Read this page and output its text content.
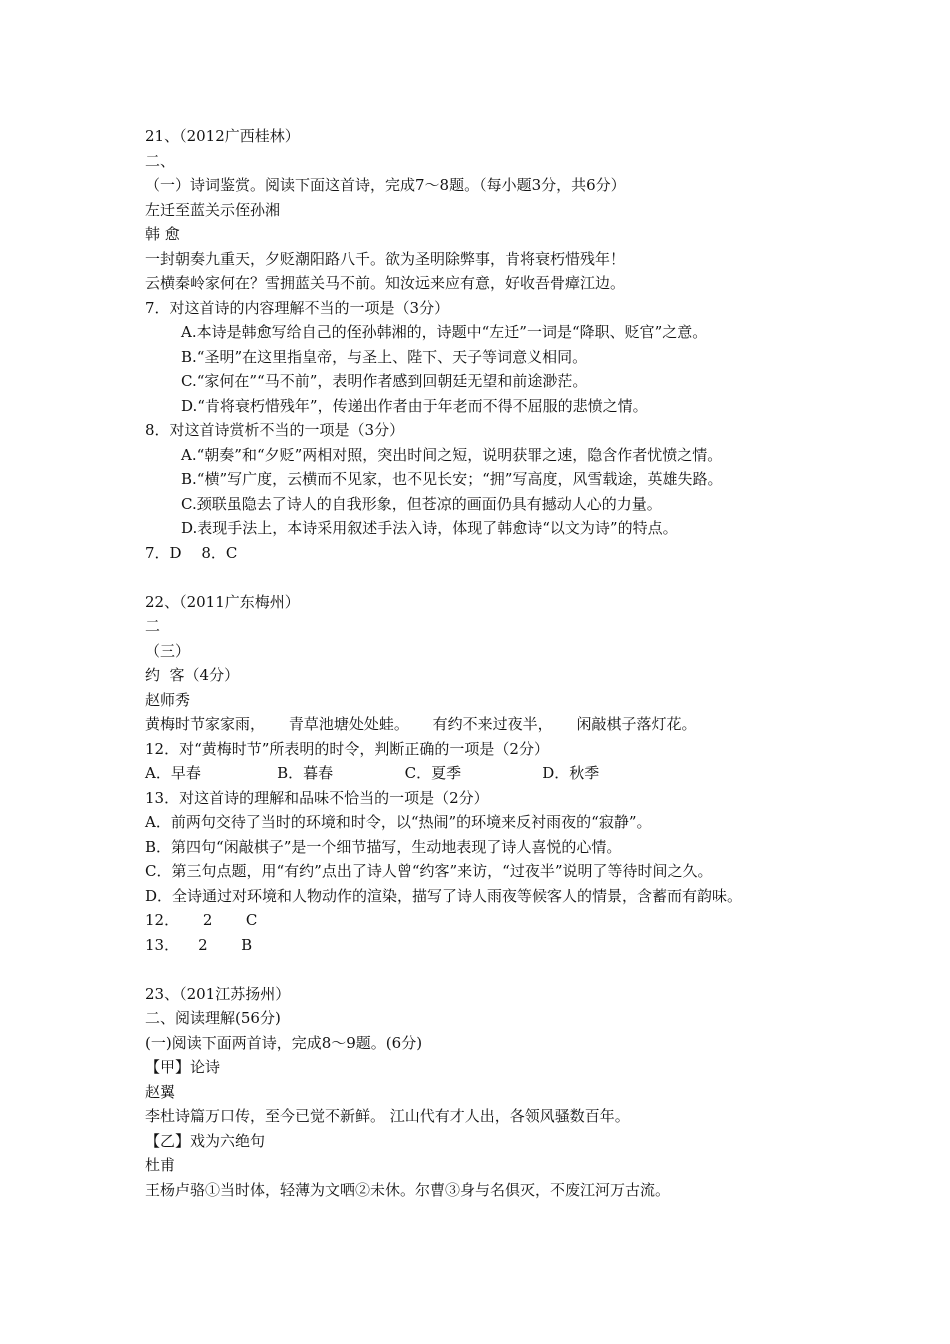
21、（2012广西桂林）
二、
（一）诗词鉴赏。阅读下面这首诗，完成7～8题。（每小题3分，共6分）
左迁至蓝关示侄孙湘
韩 愈
一封朝奏九重天，夕贬潮阳路八千。欲为圣明除弊事，肯将衰朽惜残年！
云横秦岭家何在？雪拥蓝关马不前。知汝远来应有意，好收吾骨瘴江边。
7．对这首诗的内容理解不当的一项是（3分）
A.本诗是韩愈写给自己的侄孙韩湘的，诗题中“左迁”一词是“降职、贬官”之意。
B.“圣明”在这里指皇帝，与圣上、陛下、天子等词意义相同。
C.“家何在”“马不前”，表明作者感到回朝廷无望和前途渺茫。
D.“肯将衰朽惜残年”，传递出作者由于年老而不得不屈服的悲愤之情。
8．对这首诗赏析不当的一项是（3分）
A.“朝奏”和“夕贬”两相对照，突出时间之短，说明获罪之速，隐含作者忧愤之情。
B.“横”写广度，云横而不见家，也不见长安；“拥”写高度，风雪载途，英雄失路。
C.颈联虽隐去了诗人的自我形象，但苍凉的画面仍具有撼动人心的力量。
D.表现手法上，本诗采用叙述手法入诗，体现了韩愈诗“以文为诗”的特点。
7．D　 8．C
22、（2011广东梅州）
二
（三）
约  客（4分）
赵师秀
黄梅时节家家雨，     青草池塘处处蛙。     有约不来过夜半，     闲敲棋子落灯花。
12．对“黄梅时节”所表明的时令，判断正确的一项是（2分）
A．早春                B．暮春               C．夏季                 D．秋季
13．对这首诗的理解和品味不恰当的一项是（2分）
A．前两句交待了当时的环境和时令，以“热闹”的环境来反衬雨夜的“寂静”。
B．第四句“闲敲棋子”是一个细节描写，生动地表现了诗人喜悦的心情。
C．第三句点题，用“有约”点出了诗人曾“约客”来访，“过夜半”说明了等待时间之久。
D．全诗通过对环境和人物动作的渲染，描写了诗人雨夜等候客人的情景，含蓄而有韵味。
12．     2       C
13．    2       B
23、（201江苏扬州）
二、阅读理解(56分)
(一)阅读下面两首诗，完成8～9题。(6分)
【甲】论诗
赵翼
李杜诗篇万口传，至今已觉不新鲜。 江山代有才人出，各领风骚数百年。
【乙】戏为六绝句
杜甫
王杨卢骆①当时体，轻薄为文哂②未休。尔曹③身与名俱灭，不废江河万古流。
